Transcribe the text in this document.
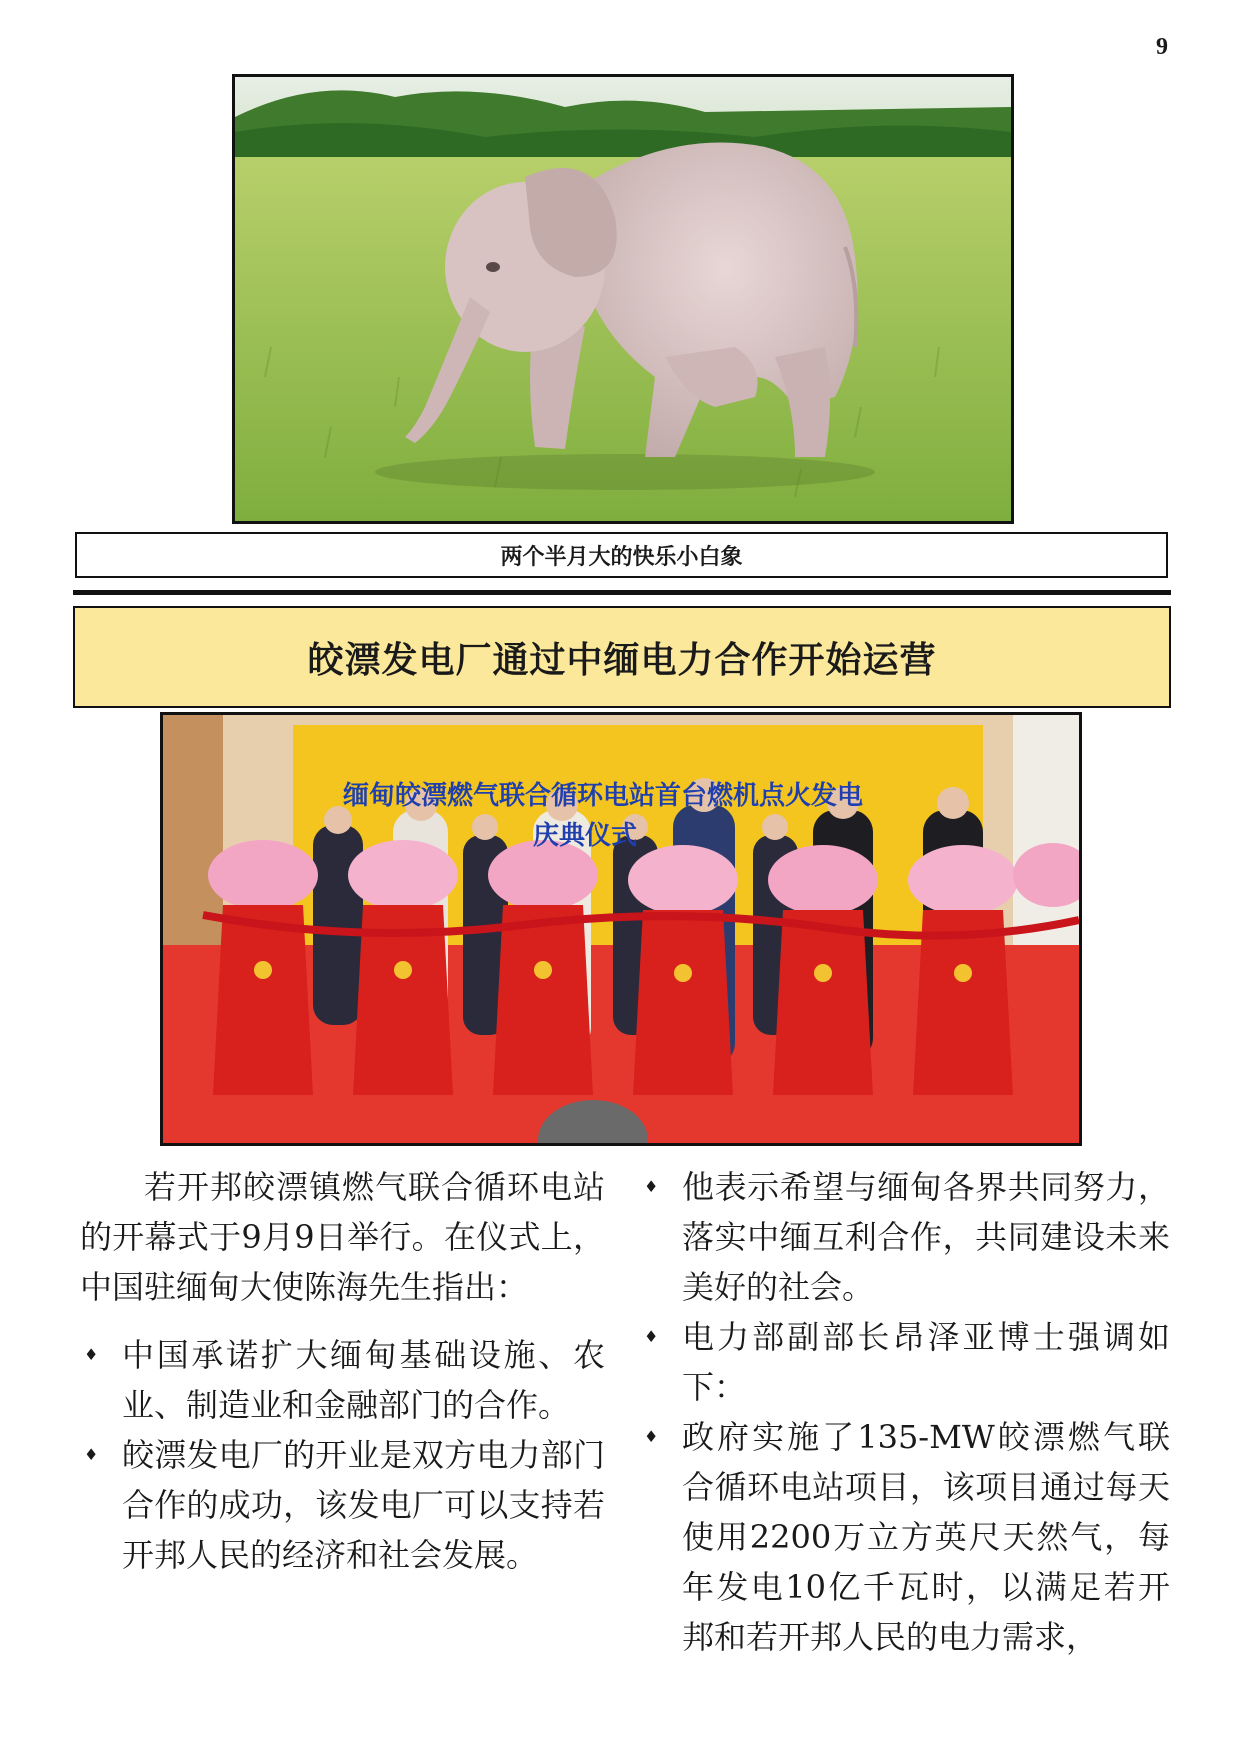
9
两个半月大的快乐小白象
皎漂发电厂通过中缅电力合作开始运营
缅甸皎漂燃气联合循环电站首台燃机点火发电
庆典仪式

若开邦皎漂镇燃气联合循环电站的开幕式于9月9日举行。在仪式上，中国驻缅甸大使陈海先生指出：

♦ 中国承诺扩大缅甸基础设施、农业、制造业和金融部门的合作。
♦ 皎漂发电厂的开业是双方电力部门合作的成功，该发电厂可以支持若开邦人民的经济和社会发展。
♦ 他表示希望与缅甸各界共同努力，落实中缅互利合作，共同建设未来美好的社会。
♦ 电力部副部长昂泽亚博士强调如下：
♦ 政府实施了135-MW皎漂燃气联合循环电站项目，该项目通过每天使用2200万立方英尺天然气，每年发电10亿千瓦时，以满足若开邦和若开邦人民的电力需求，
